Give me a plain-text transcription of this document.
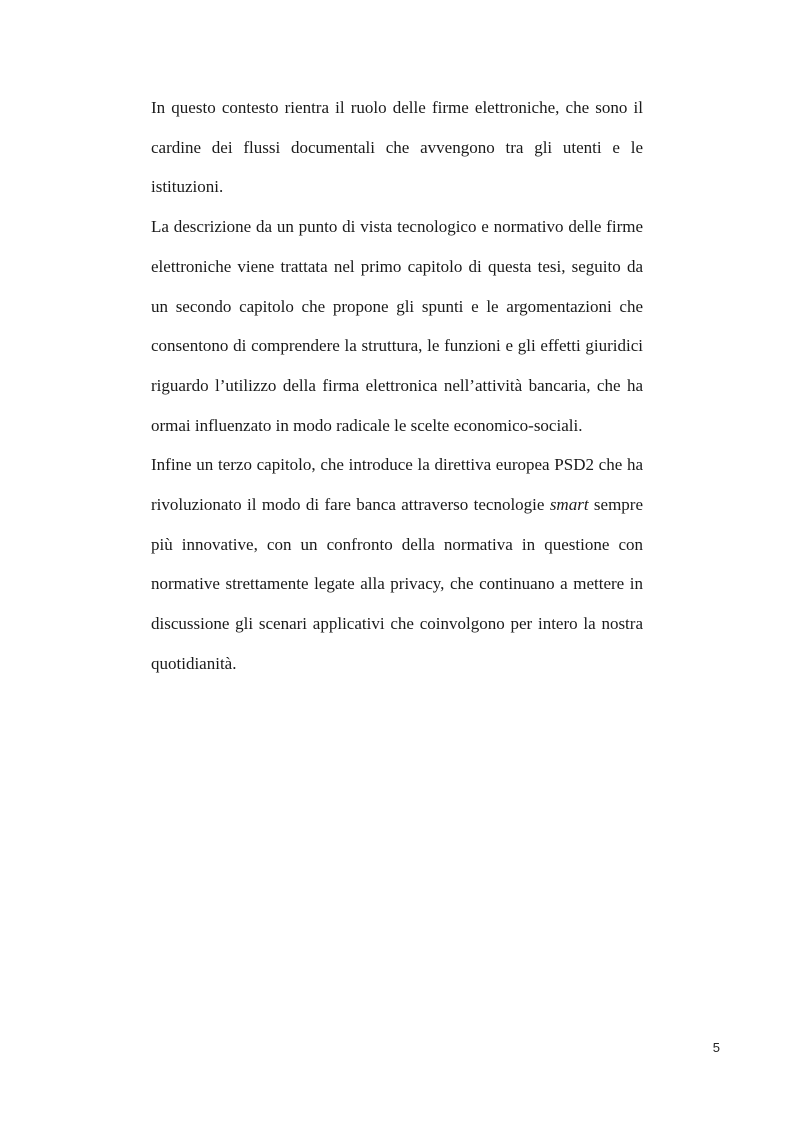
In questo contesto rientra il ruolo delle firme elettroniche, che sono il cardine dei flussi documentali che avvengono tra gli utenti e le istituzioni.

La descrizione da un punto di vista tecnologico e normativo delle firme elettroniche viene trattata nel primo capitolo di questa tesi, seguito da un secondo capitolo che propone gli spunti e le argomentazioni che consentono di comprendere la struttura, le funzioni e gli effetti giuridici riguardo l’utilizzo della firma elettronica nell’attività bancaria, che ha ormai influenzato in modo radicale le scelte economico-sociali.

Infine un terzo capitolo, che introduce la direttiva europea PSD2 che ha rivoluzionato il modo di fare banca attraverso tecnologie smart sempre più innovative, con un confronto della normativa in questione con normative strettamente legate alla privacy, che continuano a mettere in discussione gli scenari applicativi che coinvolgono per intero la nostra quotidianità.

5
